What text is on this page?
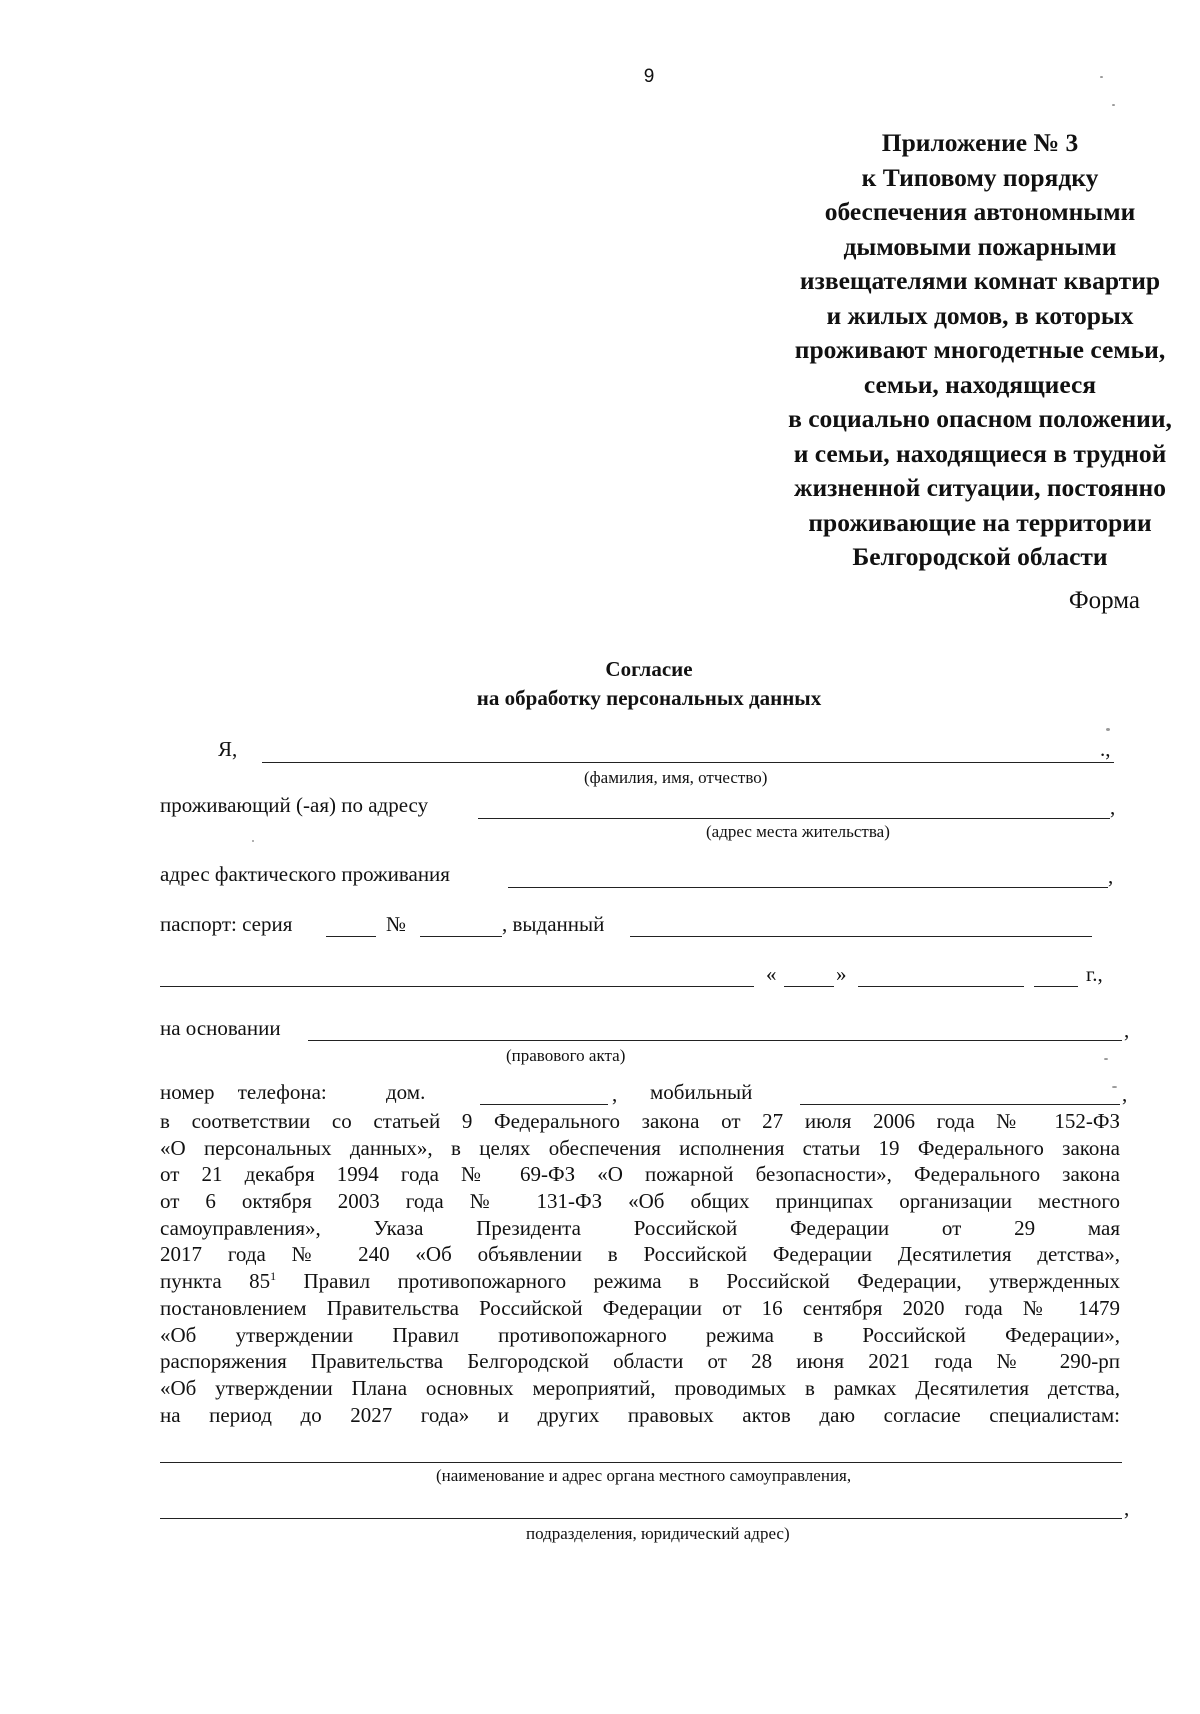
9
Приложение № 3
к Типовому порядку
обеспечения автономными
дымовыми пожарными
извещателями комнат квартир
и жилых домов, в которых
проживают многодетные семьи,
семьи, находящиеся
в социально опасном положении,
и семьи, находящиеся в трудной
жизненной ситуации, постоянно
проживающие на территории
Белгородской области
Форма
Согласие
на обработку персональных данных
Я,	.,
(фамилия, имя, отчество)
проживающий (-ая) по адресу	,
(адрес места жительства)
адрес фактического проживания	,
паспорт: серия	№	, выданный
«	»	г.,
на основании	,
(правового акта)
номер телефона:	дом.	, мобильный	,
в соответствии со статьей 9 Федерального закона от 27 июля 2006 года № 152-ФЗ
«О персональных данных», в целях обеспечения исполнения статьи 19 Федерального закона
от 21 декабря 1994 года № 69-ФЗ «О пожарной безопасности», Федерального закона
от 6 октября 2003 года № 131-ФЗ «Об общих принципах организации местного
самоуправления», Указа Президента Российской Федерации от 29 мая
2017 года № 240 «Об объявлении в Российской Федерации Десятилетия детства»,
пункта $85^1$ Правил противопожарного режима в Российской Федерации, утвержденных
постановлением Правительства Российской Федерации от 16 сентября 2020 года № 1479
«Об утверждении Правил противопожарного режима в Российской Федерации»,
распоряжения Правительства Белгородской области от 28 июня 2021 года № 290-рп
«Об утверждении Плана основных мероприятий, проводимых в рамках Десятилетия детства,
на период до 2027 года» и других правовых актов даю согласие специалистам:
(наименование и адрес органа местного самоуправления,
,
подразделения, юридический адрес)
